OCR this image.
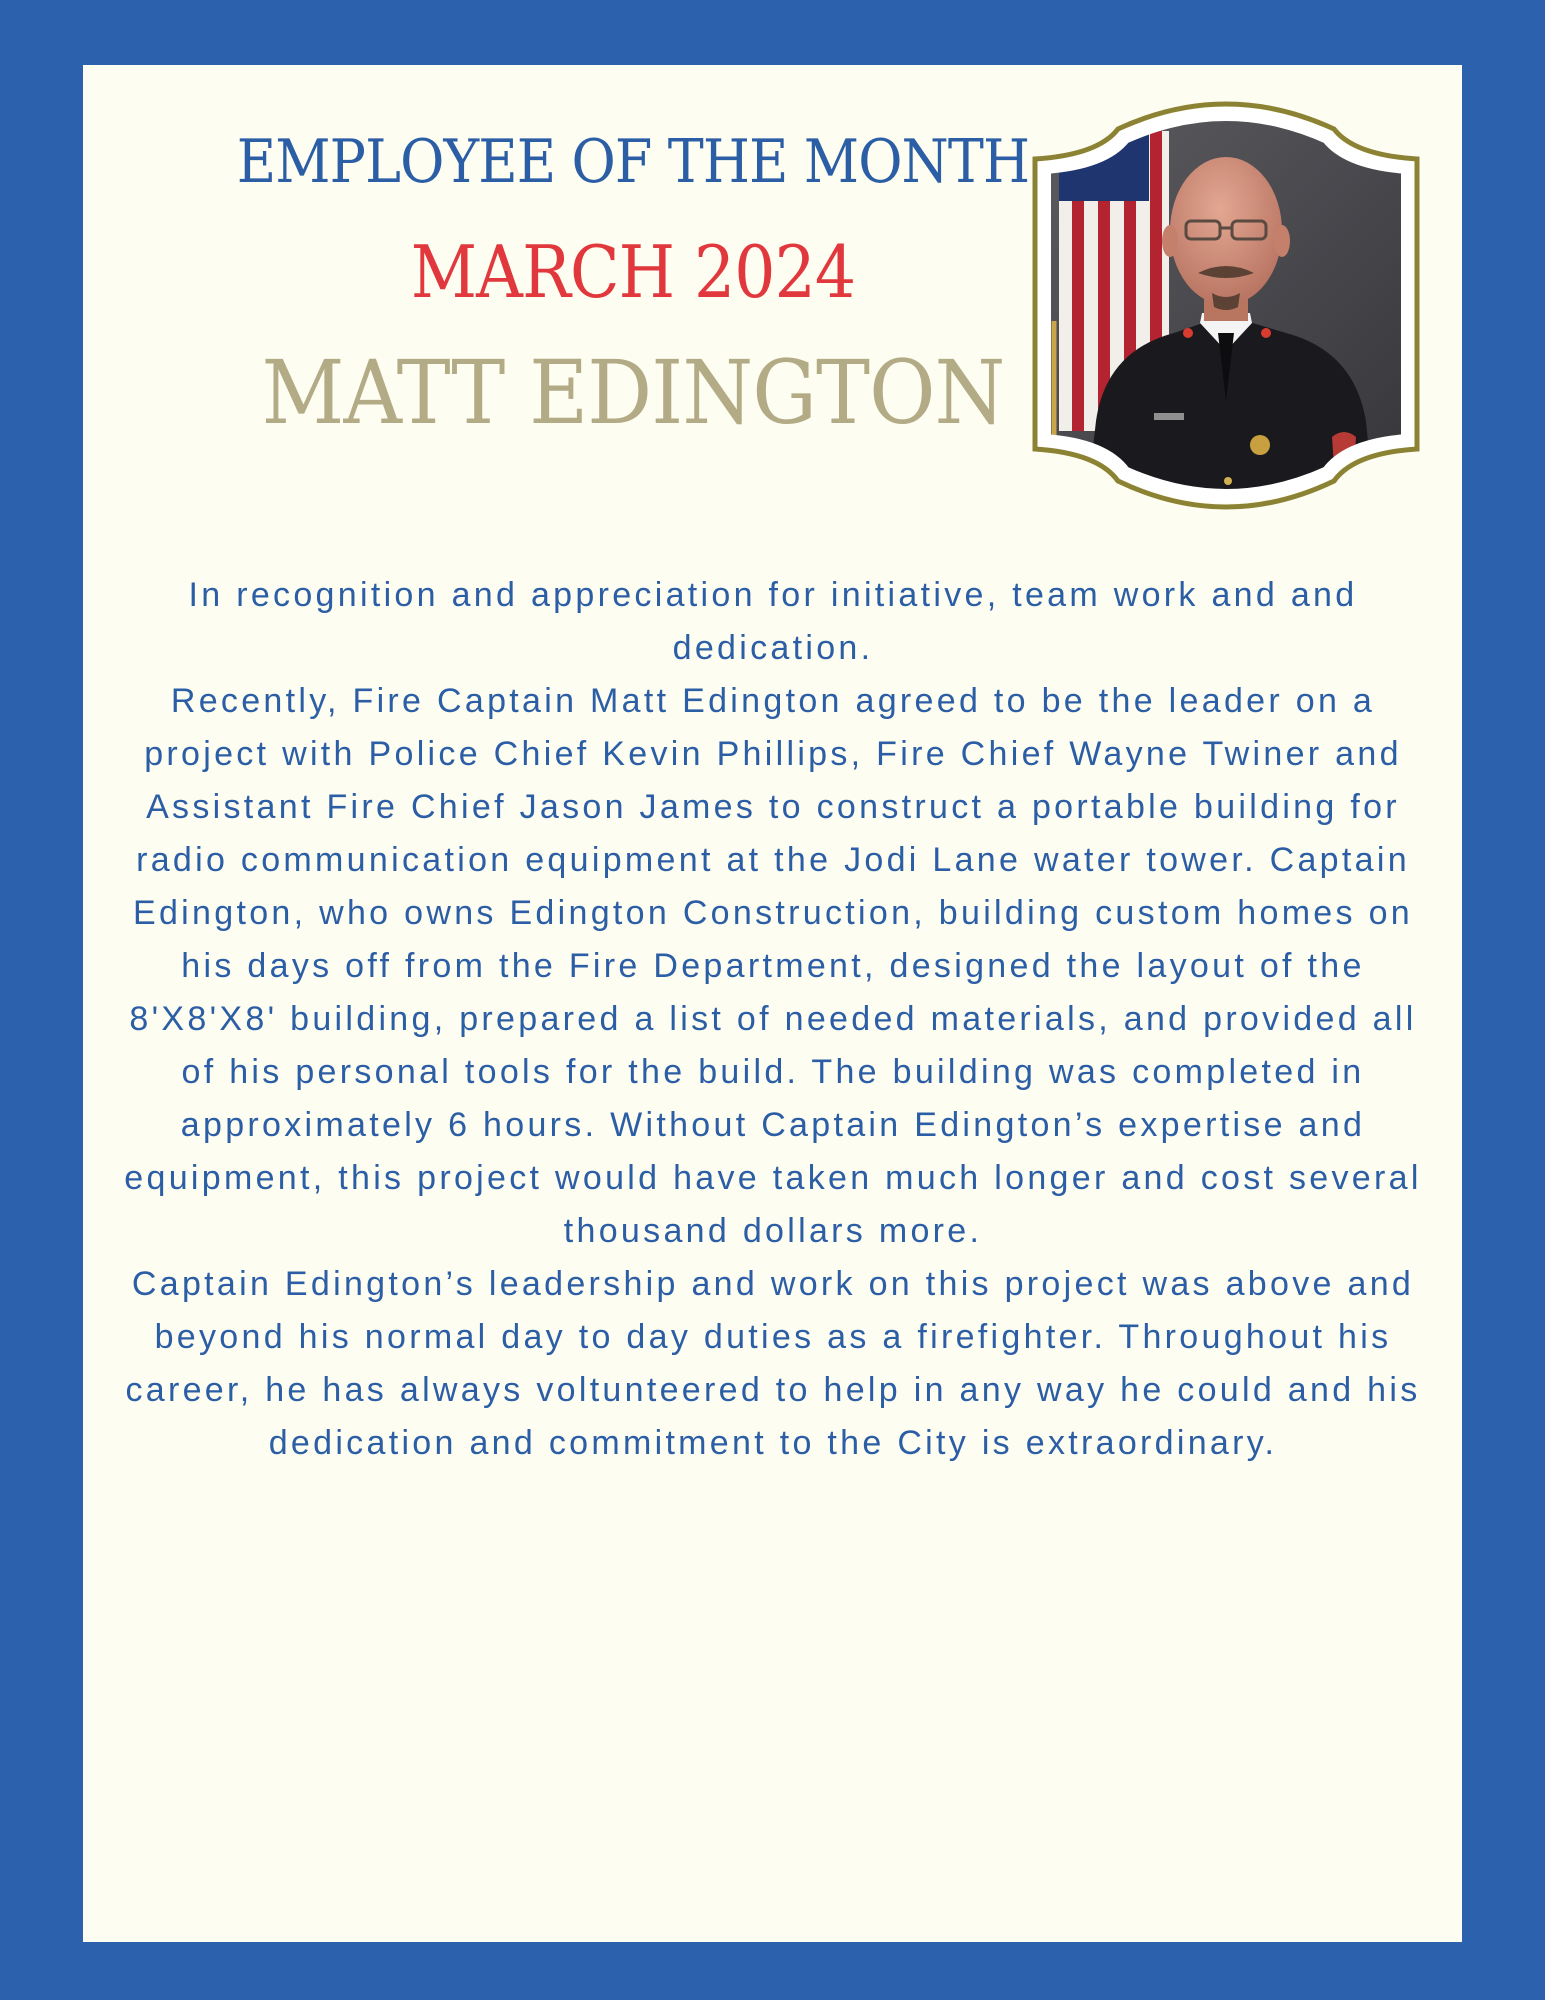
EMPLOYEE OF THE MONTH
MARCH 2024
MATT EDINGTON

In recognition and appreciation for initiative, team work and and dedication.

Recently, Fire Captain Matt Edington agreed to be the leader on a project with Police Chief Kevin Phillips, Fire Chief Wayne Twiner and Assistant Fire Chief Jason James to construct a portable building for radio communication equipment at the Jodi Lane water tower. Captain Edington, who owns Edington Construction, building custom homes on his days off from the Fire Department, designed the layout of the 8'X8'X8' building, prepared a list of needed materials, and provided all of his personal tools for the build. The building was completed in approximately 6 hours. Without Captain Edington’s expertise and equipment, this project would have taken much longer and cost several thousand dollars more.

Captain Edington’s leadership and work on this project was above and beyond his normal day to day duties as a firefighter. Throughout his career, he has always voltunteered to help in any way he could and his dedication and commitment to the City is extraordinary.
